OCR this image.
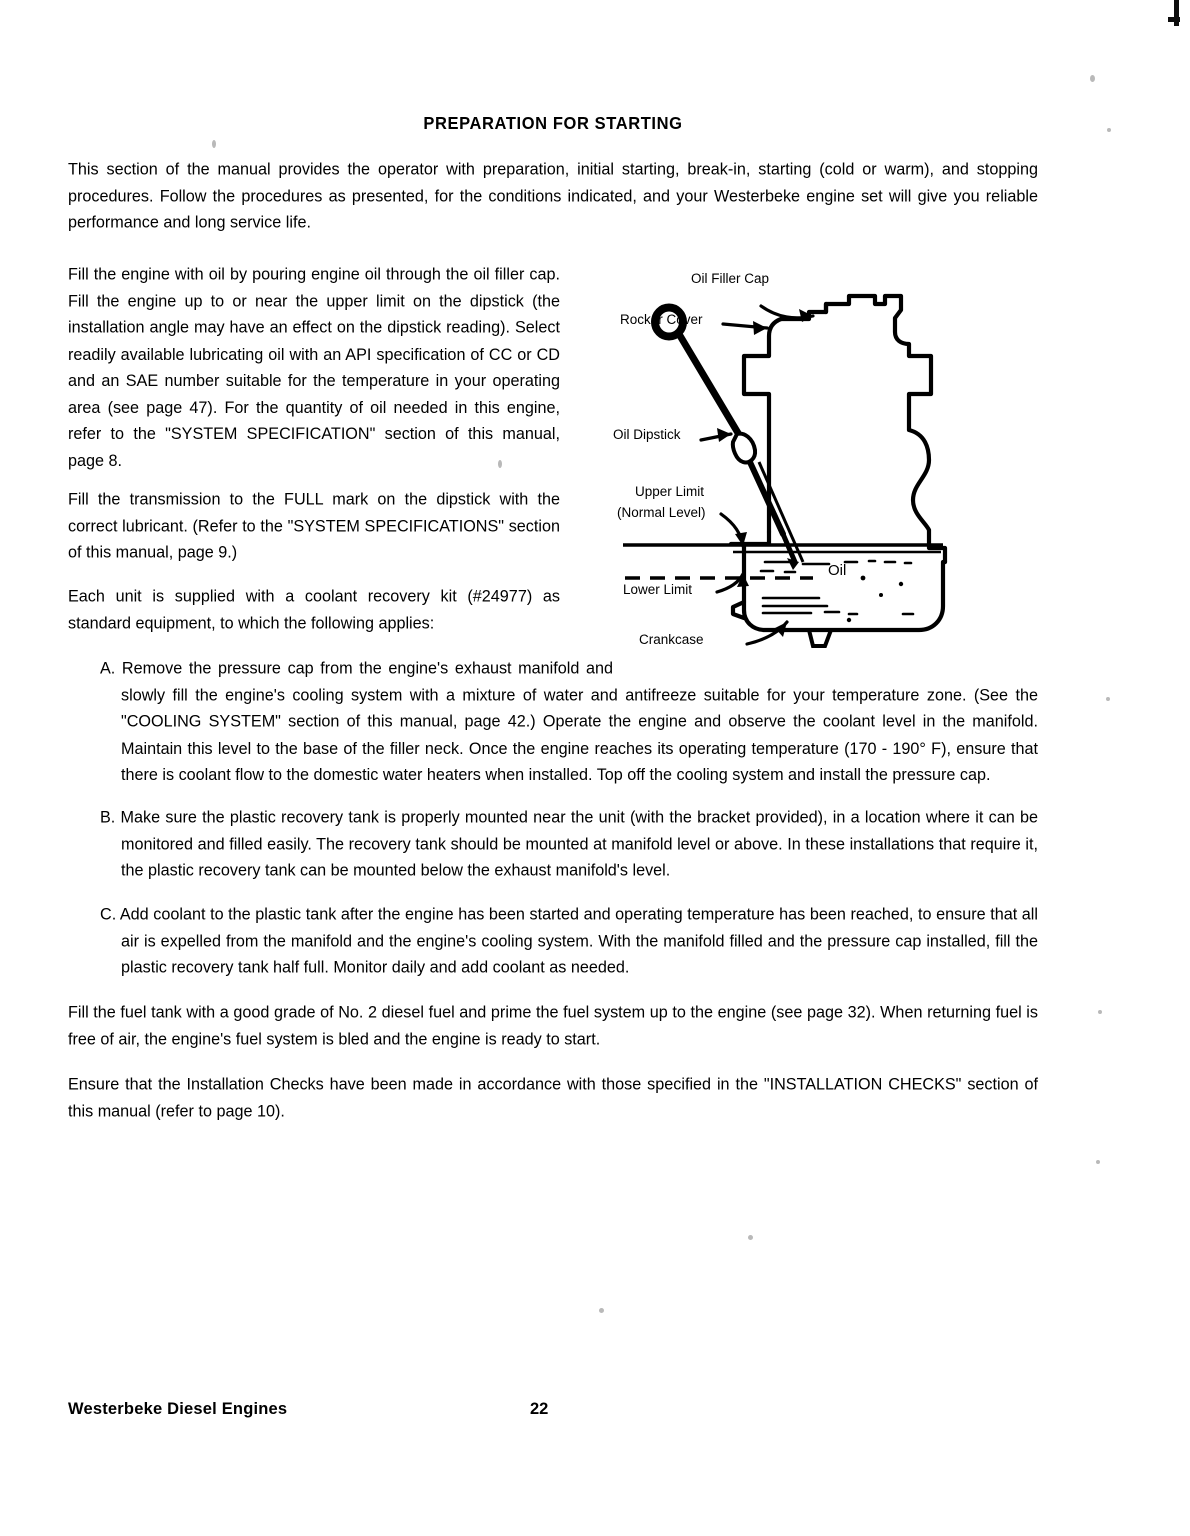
PREPARATION FOR STARTING

This section of the manual provides the operator with preparation, initial starting, break-in, starting (cold or warm), and stopping procedures. Follow the procedures as presented, for the conditions indicated, and your Westerbeke engine set will give you reliable performance and long service life.

Oil Filler Cap
Rocker Cover
Oil Dipstick
Upper Limit
(Normal Level)
Lower Limit
Crankcase
Oil

Fill the engine with oil by pouring engine oil through the oil filler cap. Fill the engine up to or near the upper limit on the dipstick (the installation angle may have an effect on the dipstick reading). Select readily available lubricating oil with an API specification of CC or CD and an SAE number suitable for the temperature in your operating area (see page 47). For the quantity of oil needed in this engine, refer to the "SYSTEM SPECIFICATION" section of this manual, page 8.

Fill the transmission to the FULL mark on the dipstick with the correct lubricant. (Refer to the "SYSTEM SPECIFICATIONS" section of this manual, page 9.)

Each unit is supplied with a coolant recovery kit (#24977) as standard equipment, to which the following applies:

A. Remove the pressure cap from the engine's exhaust manifold and slowly fill the engine's cooling system with a mixture of water and antifreeze suitable for your temperature zone. (See the "COOLING SYSTEM" section of this manual, page 42.) Operate the engine and observe the coolant level in the manifold. Maintain this level to the base of the filler neck. Once the engine reaches its operating temperature (170 - 190° F), ensure that there is coolant flow to the domestic water heaters when installed. Top off the cooling system and install the pressure cap.

B. Make sure the plastic recovery tank is properly mounted near the unit (with the bracket provided), in a location where it can be monitored and filled easily. The recovery tank should be mounted at manifold level or above. In these installations that require it, the plastic recovery tank can be mounted below the exhaust manifold's level.

C. Add coolant to the plastic tank after the engine has been started and operating temperature has been reached, to ensure that all air is expelled from the manifold and the engine's cooling system. With the manifold filled and the pressure cap installed, fill the plastic recovery tank half full. Monitor daily and add coolant as needed.

Fill the fuel tank with a good grade of No. 2 diesel fuel and prime the fuel system up to the engine (see page 32). When returning fuel is free of air, the engine's fuel system is bled and the engine is ready to start.

Ensure that the Installation Checks have been made in accordance with those specified in the "INSTALLATION CHECKS" section of this manual (refer to page 10).

Westerbeke Diesel Engines	22
